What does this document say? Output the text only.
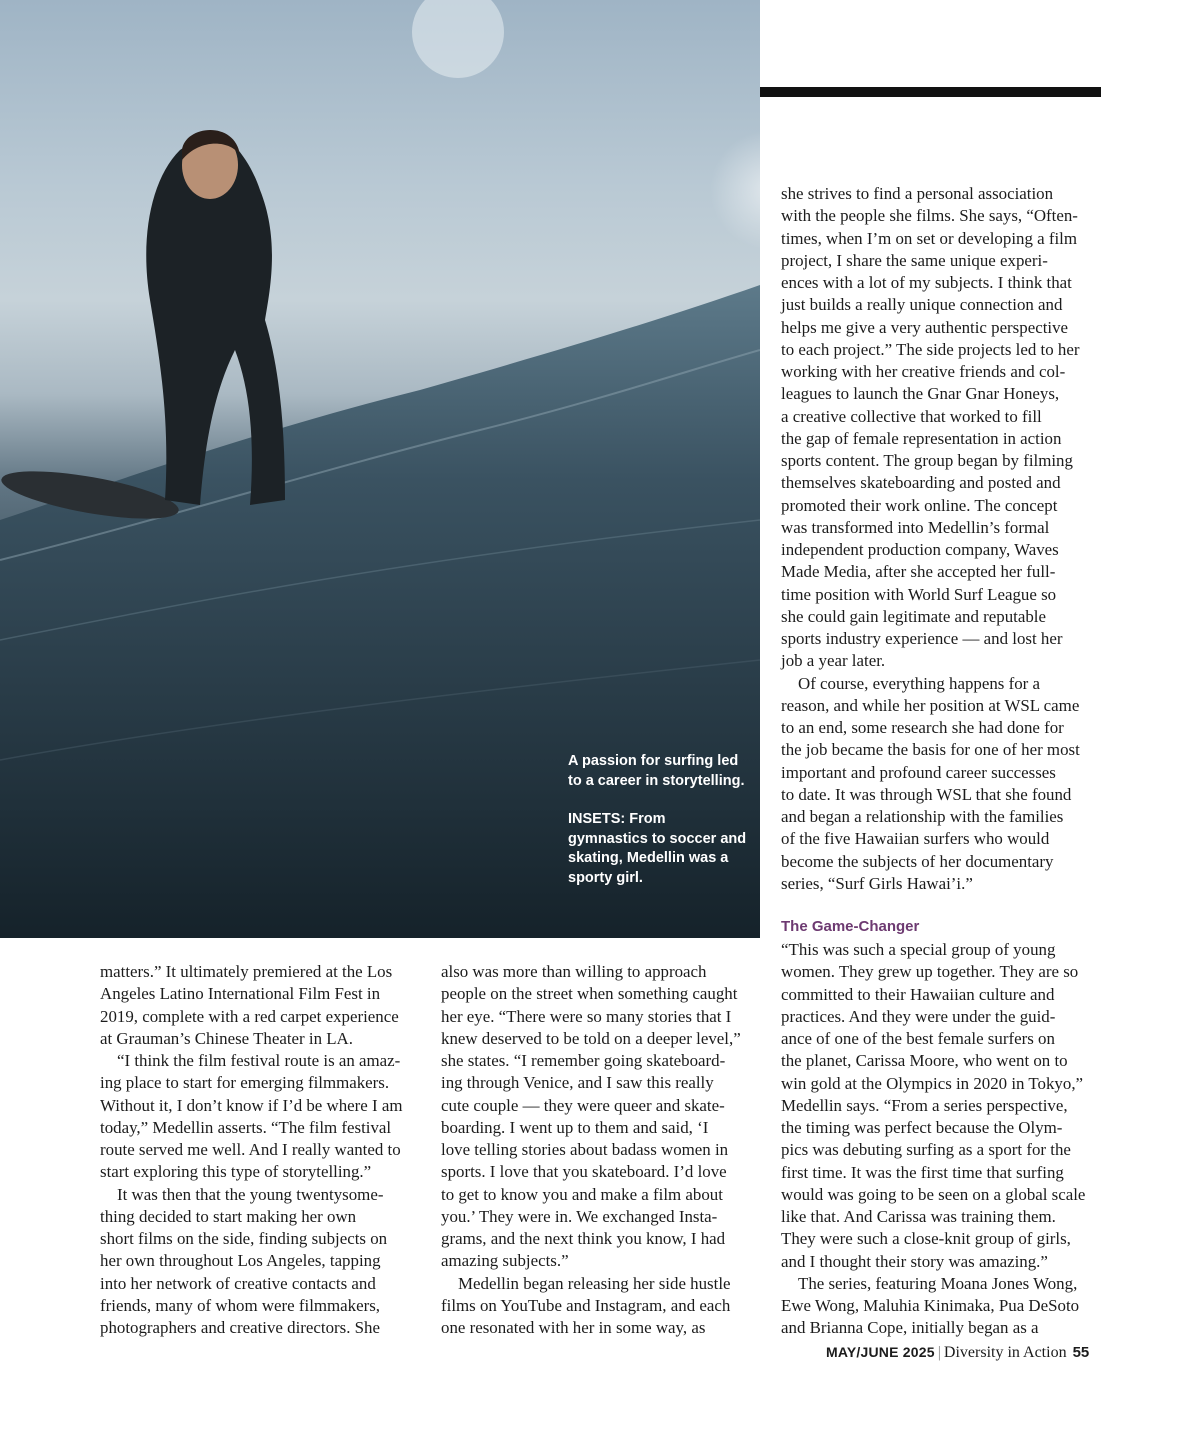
A passion for surfing led to a career in storytelling.

INSETS: From gymnastics to soccer and skating, Medellin was a sporty girl.

matters.” It ultimately premiered at the Los
Angeles Latino International Film Fest in
2019, complete with a red carpet experience
at Grauman’s Chinese Theater in LA.
“I think the film festival route is an amaz-
ing place to start for emerging filmmakers.
Without it, I don’t know if I’d be where I am
today,” Medellin asserts. “The film festival
route served me well. And I really wanted to
start exploring this type of storytelling.”
It was then that the young twentysome-
thing decided to start making her own
short films on the side, finding subjects on
her own throughout Los Angeles, tapping
into her network of creative contacts and
friends, many of whom were filmmakers,
photographers and creative directors. She
also was more than willing to approach
people on the street when something caught
her eye. “There were so many stories that I
knew deserved to be told on a deeper level,”
she states. “I remember going skateboard-
ing through Venice, and I saw this really
cute couple — they were queer and skate-
boarding. I went up to them and said, ‘I
love telling stories about badass women in
sports. I love that you skateboard. I’d love
to get to know you and make a film about
you.’ They were in. We exchanged Insta-
grams, and the next think you know, I had
amazing subjects.”
Medellin began releasing her side hustle
films on YouTube and Instagram, and each
one resonated with her in some way, as
she strives to find a personal association
with the people she films. She says, “Often-
times, when I’m on set or developing a film
project, I share the same unique experi-
ences with a lot of my subjects. I think that
just builds a really unique connection and
helps me give a very authentic perspective
to each project.” The side projects led to her
working with her creative friends and col-
leagues to launch the Gnar Gnar Honeys,
a creative collective that worked to fill
the gap of female representation in action
sports content. The group began by filming
themselves skateboarding and posted and
promoted their work online. The concept
was transformed into Medellin’s formal
independent production company, Waves
Made Media, after she accepted her full-
time position with World Surf League so
she could gain legitimate and reputable
sports industry experience — and lost her
job a year later.
Of course, everything happens for a
reason, and while her position at WSL came
to an end, some research she had done for
the job became the basis for one of her most
important and profound career successes
to date. It was through WSL that she found
and began a relationship with the families
of the five Hawaiian surfers who would
become the subjects of her documentary
series, “Surf Girls Hawai’i.”
The Game-Changer
“This was such a special group of young
women. They grew up together. They are so
committed to their Hawaiian culture and
practices. And they were under the guid-
ance of one of the best female surfers on
the planet, Carissa Moore, who went on to
win gold at the Olympics in 2020 in Tokyo,”
Medellin says. “From a series perspective,
the timing was perfect because the Olym-
pics was debuting surfing as a sport for the
first time. It was the first time that surfing
would was going to be seen on a global scale
like that. And Carissa was training them.
They were such a close-knit group of girls,
and I thought their story was amazing.”
The series, featuring Moana Jones Wong,
Ewe Wong, Maluhia Kinimaka, Pua DeSoto
and Brianna Cope, initially began as a
MAY/JUNE 2025 | Diversity in Action 55
